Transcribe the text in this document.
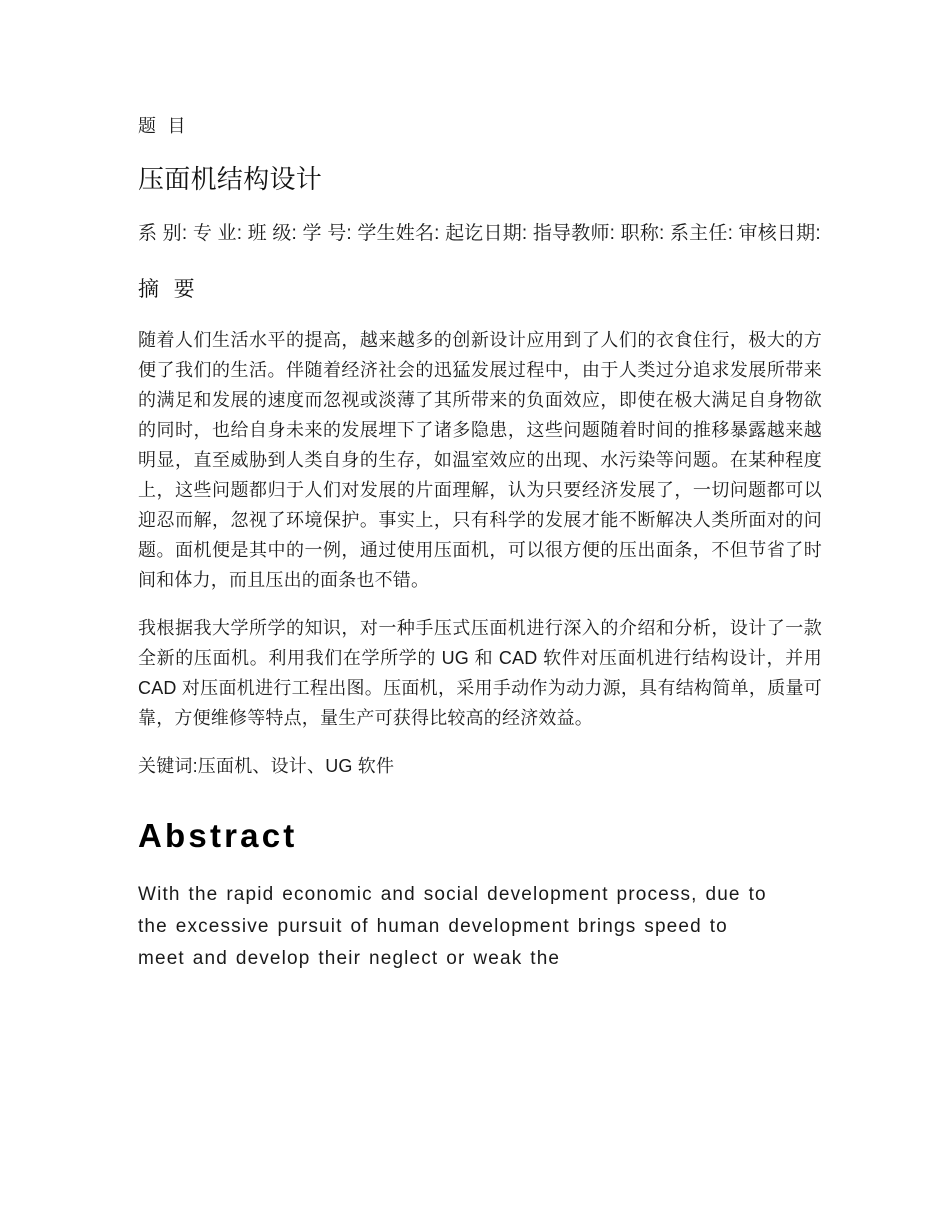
题  目
压面机结构设计
系 别: 专 业: 班 级: 学 号: 学生姓名: 起讫日期: 指导教师: 职称: 系主任: 审核日期:
摘  要

随着人们生活水平的提高，越来越多的创新设计应用到了人们的衣食住行，极大的方便了我们的生活。伴随着经济社会的迅猛发展过程中，由于人类过分追求发展所带来的满足和发展的速度而忽视或淡薄了其所带来的负面效应，即使在极大满足自身物欲的同时，也给自身未来的发展埋下了诸多隐患，这些问题随着时间的推移暴露越来越明显，直至威胁到人类自身的生存，如温室效应的出现、水污染等问题。在某种程度上，这些问题都归于人们对发展的片面理解，认为只要经济发展了，一切问题都可以迎忍而解，忽视了环境保护。事实上，只有科学的发展才能不断解决人类所面对的问题。面机便是其中的一例，通过使用压面机，可以很方便的压出面条，不但节省了时间和体力，而且压出的面条也不错。

我根据我大学所学的知识，对一种手压式压面机进行深入的介绍和分析，设计了一款全新的压面机。利用我们在学所学的 UG 和 CAD 软件对压面机进行结构设计，并用 CAD 对压面机进行工程出图。压面机，采用手动作为动力源，具有结构简单，质量可靠，方便维修等特点，量生产可获得比较高的经济效益。

关键词:压面机、设计、UG 软件
Abstract

With the rapid economic and social development process, due to the excessive pursuit of human development brings speed to meet and develop their neglect or weak the
